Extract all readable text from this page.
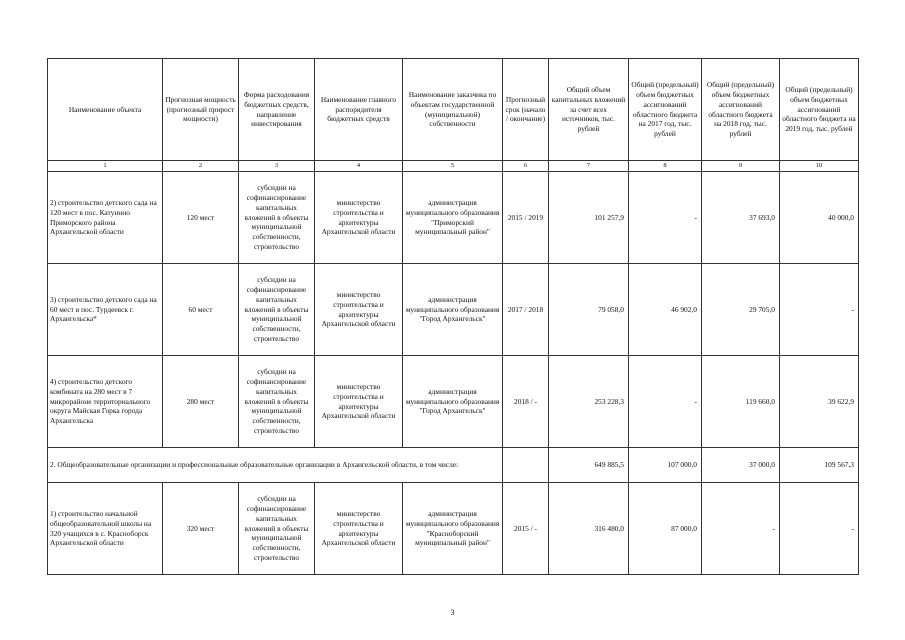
Наименование объекта	Прогнозная мощность (прогнозный прирост мощности)	Форма расходования бюджетных средств, направление инвестирования	Наименование главного распорядителя бюджетных средств	Наименование заказчика по объектам государственной (муниципальной) собственности	Прогнозный срок (начало / окончание)	Общий объем капитальных вложений за счет всех источников, тыс. рублей	Общий (предельный) объем бюджетных ассигнований областного бюджета на 2017 год, тыс. рублей	Общий (предельный) объем бюджетных ассигнований областного бюджета на 2018 год, тыс. рублей	Общий (предельный) объем бюджетных ассигнований областного бюджета на 2019 год, тыс. рублей
1	2	3	4	5	6	7	8	9	10
2) строительство детского сада на 120 мест в пос. Катунино Приморского района Архангельской области	120 мест	субсидии на софинансирование капитальных вложений в объекты муниципальной собственности, строительство	министерство строительства и архитектуры Архангельской области	администрация муниципального образования "Приморский муниципальный район"	2015 / 2019	101 257,9	-	37 693,0	40 000,0
3) строительство детского сада на 60 мест в пос. Турдеевск г. Архангельска*	60 мест	субсидии на софинансирование капитальных вложений в объекты муниципальной собственности, строительство	министерство строительства и архитектуры Архангельской области	администрация муниципального образования "Город Архангельск"	2017 / 2018	79 058,0	46 902,0	29 705,0	-
4) строительство детского комбината на 280 мест в 7 микрорайоне территориального округа Майская Горка города Архангельска	280 мест	субсидии на софинансирование капитальных вложений в объекты муниципальной собственности, строительство	министерство строительства и архитектуры Архангельской области	администрация муниципального образования "Город Архангельск"	2018 / -	253 228,3	-	119 660,0	39 622,9
2. Общеобразовательные организации и профессиональные образовательные организации в Архангельской области, в том числе:						649 885,5	107 000,0	37 000,0	109 567,3
1) строительство начальной общеобразовательной школы на 320 учащихся в с. Красноборск Архангельской области	320 мест	субсидии на софинансирование капитальных вложений в объекты муниципальной собственности, строительство	министерство строительства и архитектуры Архангельской области	администрация муниципального образования "Красноборский муниципальный район"	2015 / -	316 480,0	87 000,0	-	-
3
